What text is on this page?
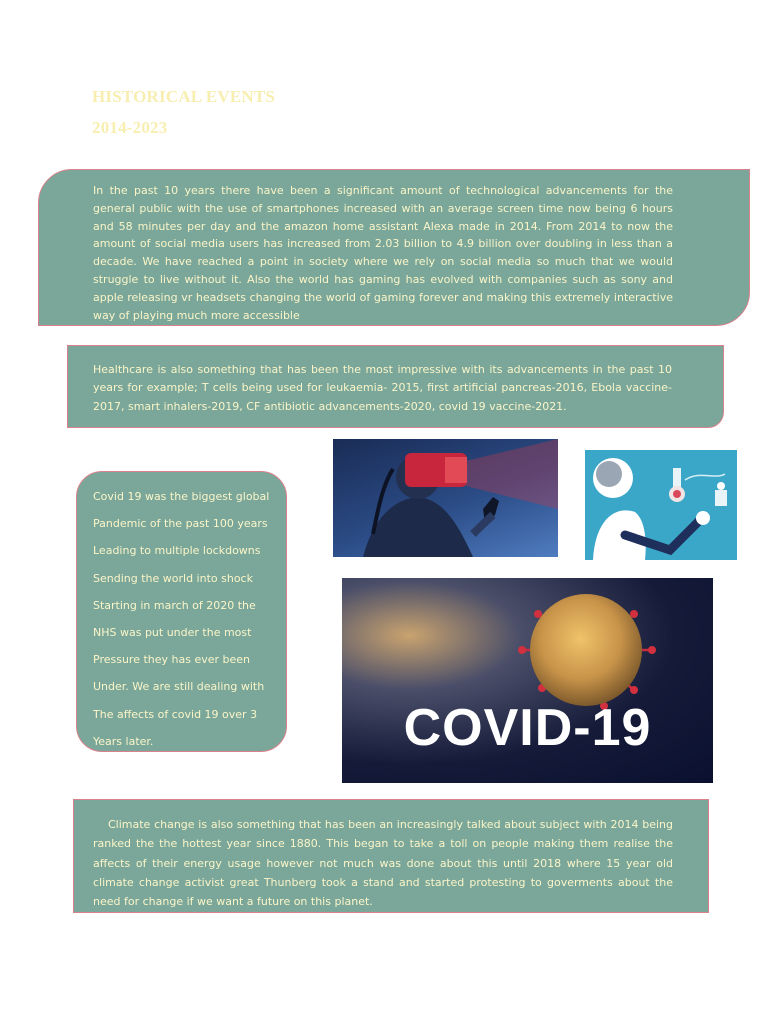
HISTORICAL EVENTS
2014-2023

In the past 10 years there have been a significant amount of technological advancements for the general public with the use of smartphones increased with an average screen time now being 6 hours and 58 minutes per day and the amazon home assistant Alexa made in 2014. From 2014 to now the amount of social media users has increased from 2.03 billion to 4.9 billion over doubling in less than a decade. We have reached a point in society where we rely on social media so much that we would struggle to live without it. Also the world has gaming has evolved with companies such as sony and apple releasing vr headsets changing the world of gaming forever and making this extremely interactive way of playing much more accessible

Healthcare is also something that has been the most impressive with its advancements in the past 10 years for example; T cells being used for leukaemia- 2015, first artificial pancreas-2016, Ebola vaccine- 2017, smart inhalers-2019, CF antibiotic advancements-2020, covid 19 vaccine-2021.

COVID-19
Covid 19 was the biggest global
Pandemic of the past 100 years
Leading to multiple lockdowns
Sending the world into shock
Starting in march of 2020 the
NHS was put under the most
Pressure they has ever been
Under. We are still dealing with
The affects of covid 19 over 3
Years later.

Climate change is also something that has been an increasingly talked about subject with 2014 being ranked the the hottest year since 1880. This began to take a toll on people making them realise the affects of their energy usage however not much was done about this until 2018 where 15 year old climate change activist great Thunberg took a stand and started protesting to goverments about the need for change if we want a future on this planet.
